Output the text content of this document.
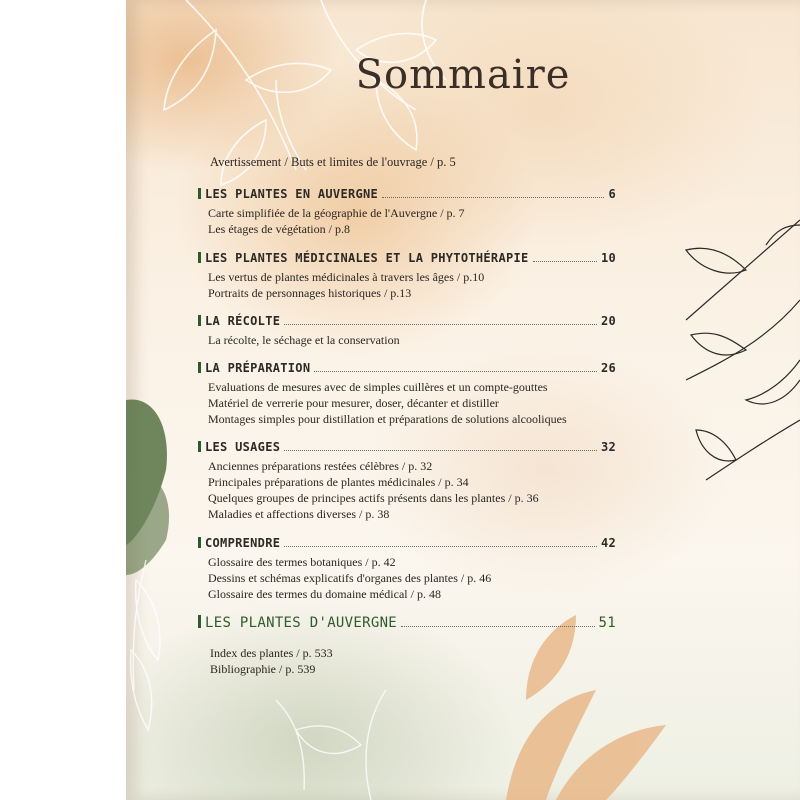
Sommaire
Avertissement / Buts et limites de l'ouvrage / p. 5
LES PLANTES EN AUVERGNE	6
Carte simplifiée de la géographie de l'Auvergne / p. 7
Les étages de végétation / p.8
LES PLANTES MÉDICINALES ET LA PHYTOTHÉRAPIE	10
Les vertus de plantes médicinales à travers les âges / p.10
Portraits de personnages historiques / p.13
LA RÉCOLTE	20
La récolte, le séchage et la conservation
LA PRÉPARATION	26
Evaluations de mesures avec de simples cuillères et un compte-gouttes
Matériel de verrerie pour mesurer, doser, décanter et distiller
Montages simples pour distillation et préparations de solutions alcooliques
LES USAGES	32
Anciennes préparations restées célèbres / p. 32
Principales préparations de plantes médicinales / p. 34
Quelques groupes de principes actifs présents dans les plantes / p. 36
Maladies et affections diverses / p. 38
COMPRENDRE	42
Glossaire des termes botaniques / p. 42
Dessins et schémas explicatifs d'organes des plantes / p. 46
Glossaire des termes du domaine médical / p. 48
LES PLANTES D'AUVERGNE	51
Index des plantes / p. 533
Bibliographie / p. 539
